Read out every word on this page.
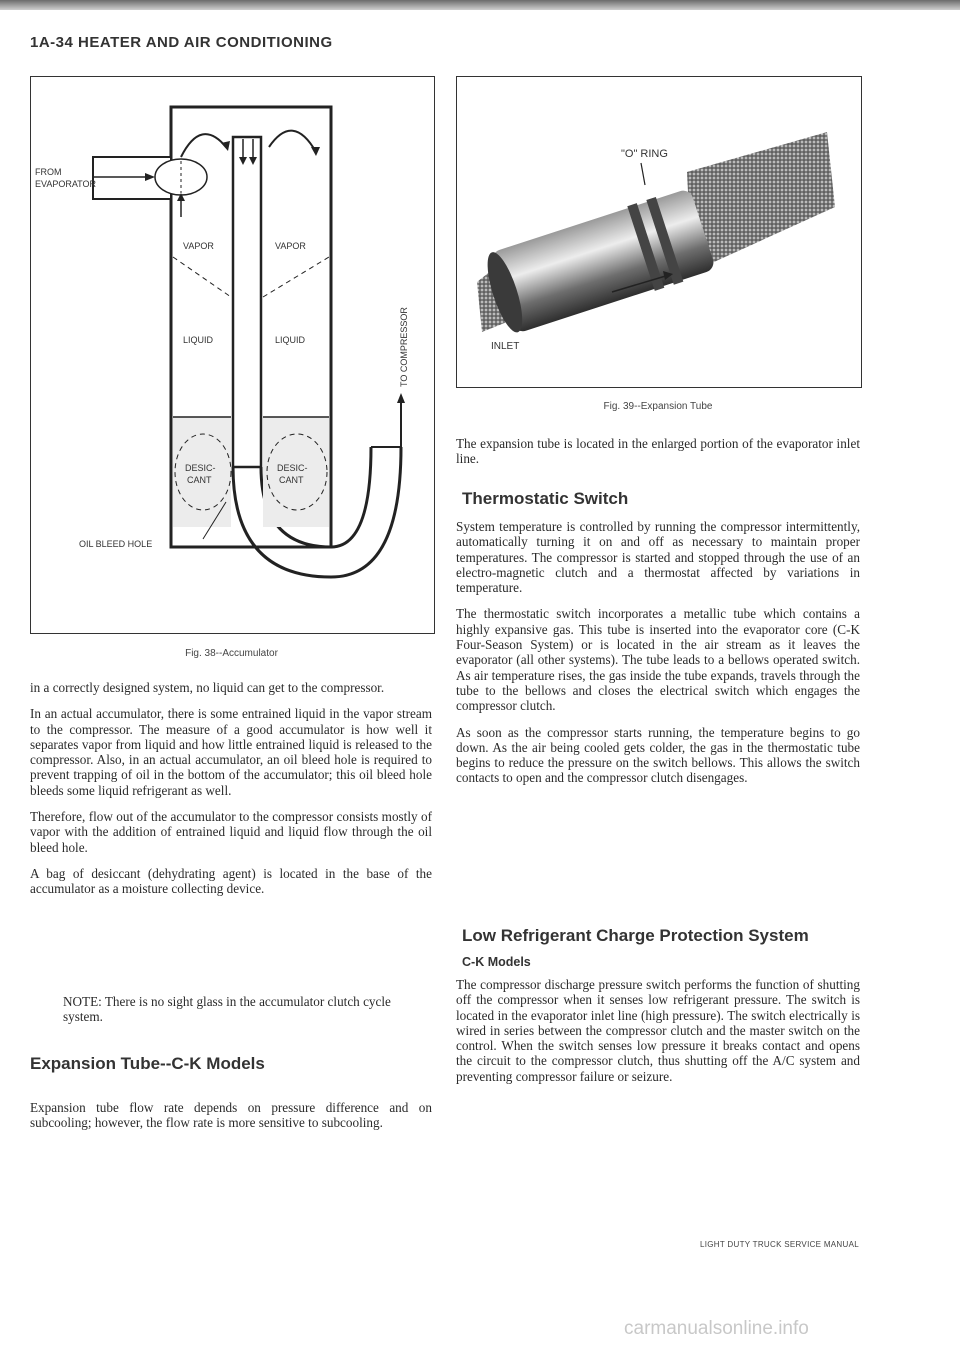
1A-34 HEATER AND AIR CONDITIONING
FROM
EVAPORATOR
VAPOR	VAPOR
LIQUID	LIQUID
DESIC-
CANT
DESIC-
CANT
OIL BLEED HOLE
TO COMPRESSOR
Fig. 38--Accumulator
"O" RING
INLET
Fig. 39--Expansion Tube

in a correctly designed system, no liquid can get to the compressor.

In an actual accumulator, there is some entrained liquid in the vapor stream to the compressor. The measure of a good accumulator is how well it separates vapor from liquid and how little entrained liquid is released to the compressor. Also, in an actual accumulator, an oil bleed hole is required to prevent trapping of oil in the bottom of the accumulator; this oil bleed hole bleeds some liquid refrigerant as well.

Therefore, flow out of the accumulator to the compressor consists mostly of vapor with the addition of entrained liquid and liquid flow through the oil bleed hole.

A bag of desiccant (dehydrating agent) is located in the base of the accumulator as a moisture collecting device.

NOTE: There is no sight glass in the accumulator clutch cycle system.
Expansion Tube--C-K Models

Expansion tube flow rate depends on pressure difference and on subcooling; however, the flow rate is more sensitive to subcooling.

The expansion tube is located in the enlarged portion of the evaporator inlet line.

Thermostatic Switch

System temperature is controlled by running the compressor intermittently, automatically turning it on and off as necessary to maintain proper temperatures. The compressor is started and stopped through the use of an electro-magnetic clutch and a thermostat affected by variations in temperature.

The thermostatic switch incorporates a metallic tube which contains a highly expansive gas. This tube is inserted into the evaporator core (C-K Four-Season System) or is located in the air stream as it leaves the evaporator (all other systems). The tube leads to a bellows operated switch. As air temperature rises, the gas inside the tube expands, travels through the tube to the bellows and closes the electrical switch which engages the compressor clutch.

As soon as the compressor starts running, the temperature begins to go down. As the air being cooled gets colder, the gas in the thermostatic tube begins to reduce the pressure on the switch bellows. This allows the switch contacts to open and the compressor clutch disengages.

Low Refrigerant Charge Protection System
C-K Models

The compressor discharge pressure switch performs the function of shutting off the compressor when it senses low refrigerant pressure. The switch is located in the evaporator inlet line (high pressure). The switch electrically is wired in series between the compressor clutch and the master switch on the control. When the switch senses low pressure it breaks contact and opens the circuit to the compressor clutch, thus shutting off the A/C system and preventing compressor failure or seizure.

LIGHT DUTY TRUCK SERVICE MANUAL
carmanualsonline.info
